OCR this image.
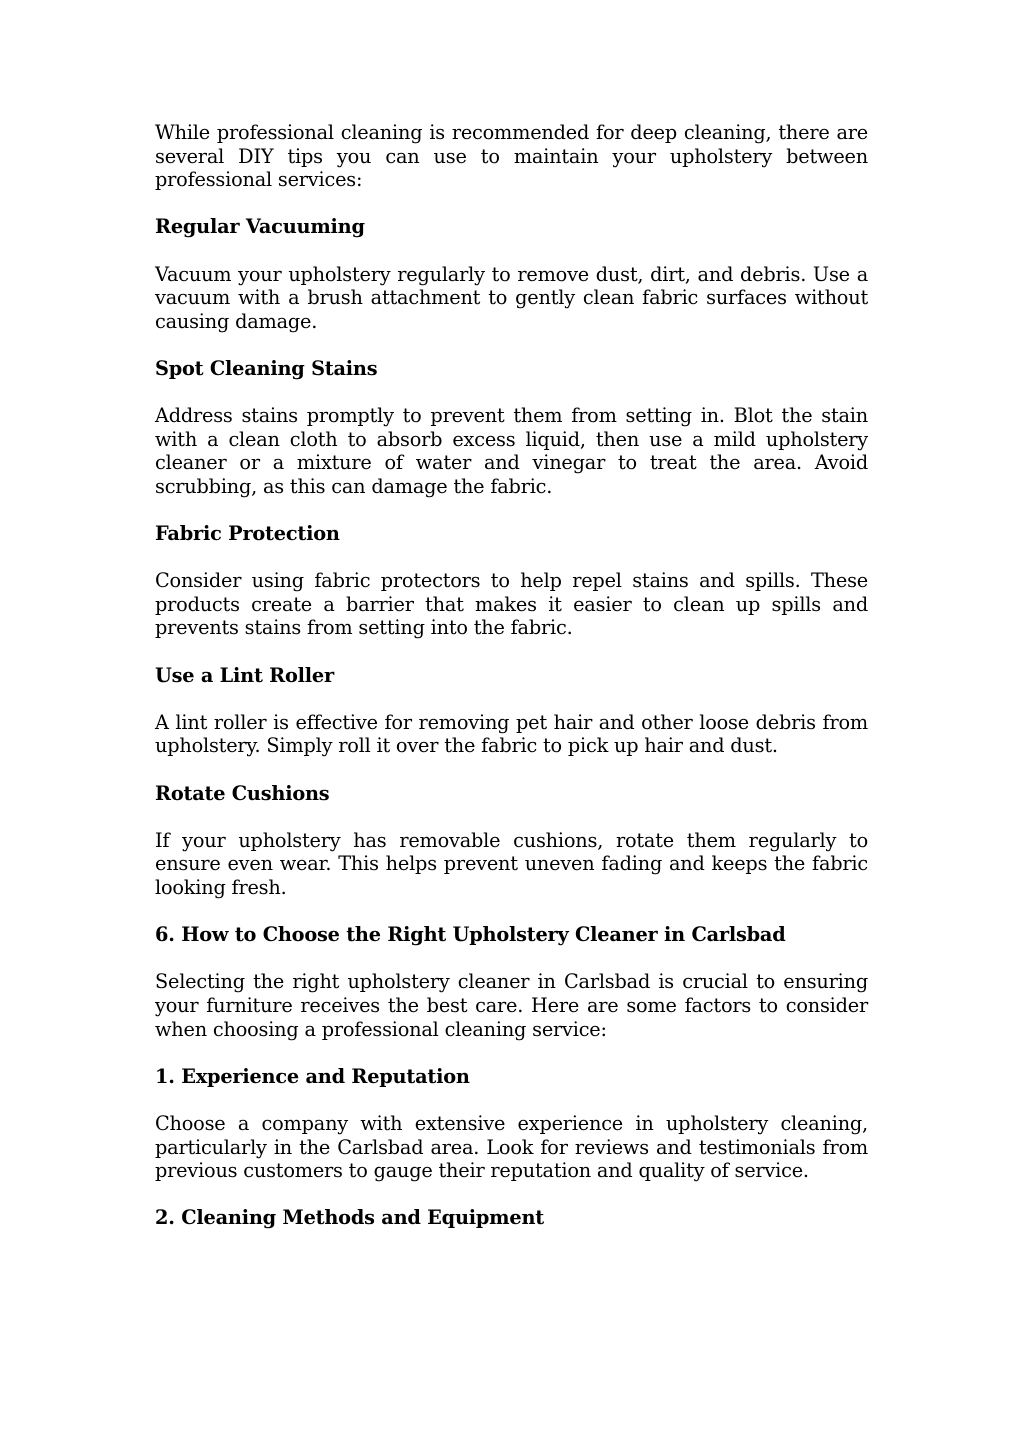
While professional cleaning is recommended for deep cleaning, there are several DIY tips you can use to maintain your upholstery between professional services:

Regular Vacuuming

Vacuum your upholstery regularly to remove dust, dirt, and debris. Use a vacuum with a brush attachment to gently clean fabric surfaces without causing damage.

Spot Cleaning Stains

Address stains promptly to prevent them from setting in. Blot the stain with a clean cloth to absorb excess liquid, then use a mild upholstery cleaner or a mixture of water and vinegar to treat the area. Avoid scrubbing, as this can damage the fabric.

Fabric Protection

Consider using fabric protectors to help repel stains and spills. These products create a barrier that makes it easier to clean up spills and prevents stains from setting into the fabric.

Use a Lint Roller

A lint roller is effective for removing pet hair and other loose debris from upholstery. Simply roll it over the fabric to pick up hair and dust.

Rotate Cushions

If your upholstery has removable cushions, rotate them regularly to ensure even wear. This helps prevent uneven fading and keeps the fabric looking fresh.

6. How to Choose the Right Upholstery Cleaner in Carlsbad

Selecting the right upholstery cleaner in Carlsbad is crucial to ensuring your furniture receives the best care. Here are some factors to consider when choosing a professional cleaning service:

1. Experience and Reputation

Choose a company with extensive experience in upholstery cleaning, particularly in the Carlsbad area. Look for reviews and testimonials from previous customers to gauge their reputation and quality of service.

2. Cleaning Methods and Equipment
